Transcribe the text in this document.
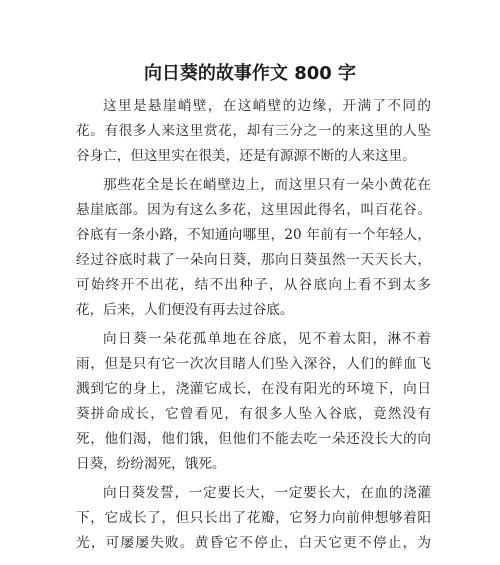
向日葵的故事作文 800 字

这里是悬崖峭壁，在这峭壁的边缘，开满了不同的
花。有很多人来这里赏花，却有三分之一的来这里的人坠
谷身亡，但这里实在很美，还是有源源不断的人来这里。

那些花全是长在峭壁边上，而这里只有一朵小黄花在
悬崖底部。因为有这么多花，这里因此得名，叫百花谷。
谷底有一条小路，不知通向哪里，20 年前有一个年轻人，
经过谷底时栽了一朵向日葵，那向日葵虽然一天天长大，
可始终开不出花，结不出种子，从谷底向上看不到太多
花，后来，人们便没有再去过谷底。

向日葵一朵花孤单地在谷底，见不着太阳，淋不着
雨，但是只有它一次次目睹人们坠入深谷，人们的鲜血飞
溅到它的身上，浇灌它成长，在没有阳光的环境下，向日
葵拼命成长，它曾看见，有很多人坠入谷底，竟然没有
死，他们渴，他们饿，但他们不能去吃一朵还没长大的向
日葵，纷纷渴死，饿死。

向日葵发誓，一定要长大，一定要长大，在血的浇灌
下，它成长了，但只长出了花瓣，它努力向前伸想够着阳
光，可屡屡失败。黄昏它不停止，白天它更不停止，为
